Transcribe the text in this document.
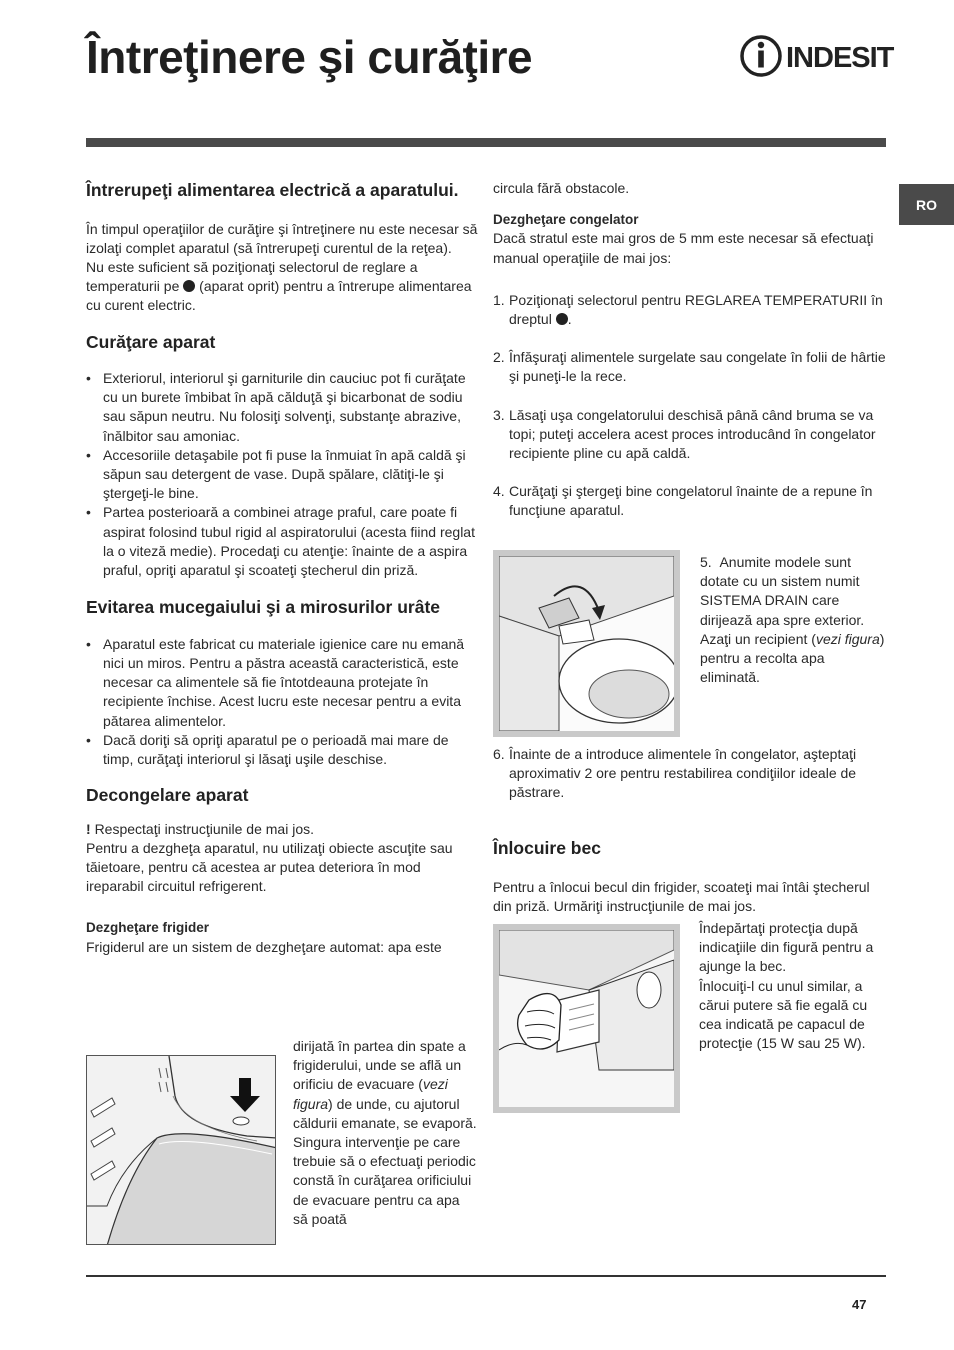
Întreţinere şi curăţire	INDESIT
RO
Întrerupeţi alimentarea electrică a aparatului.

În timpul operaţiilor de curăţire şi întreţinere nu este necesar să izolaţi complet aparatul (să întrerupeţi curentul de la reţea).

Nu este suficient să poziţionaţi selectorul de reglare a temperaturii pe (aparat oprit) pentru a întrerupe alimentarea cu curent electric.

Curăţare aparat
• Exteriorul, interiorul şi garniturile din cauciuc pot fi curăţate cu un burete îmbibat în apă călduţă şi bicarbonat de sodiu sau săpun neutru. Nu folosiţi solvenţi, substanţe abrazive, înălbitor sau amoniac.
• Accesoriile detaşabile pot fi puse la înmuiat în apă caldă şi săpun sau detergent de vase. După spălare, clătiţi-le şi ştergeţi-le bine.
• Partea posterioară a combinei atrage praful, care poate fi aspirat folosind tubul rigid al aspiratorului (acesta fiind reglat la o viteză medie). Procedaţi cu atenţie: înainte de a aspira praful, opriţi aparatul şi scoateţi ştecherul din priză.
Evitarea mucegaiului şi a mirosurilor urâte
• Aparatul este fabricat cu materiale igienice care nu emană nici un miros. Pentru a păstra această caracteristică, este necesar ca alimentele să fie întotdeauna protejate în recipiente închise. Acest lucru este necesar pentru a evita pătarea alimentelor.
• Dacă doriţi să opriţi aparatul pe o perioadă mai mare de timp, curăţaţi interiorul şi lăsaţi uşile deschise.
Decongelare aparat

! Respectaţi instrucţiunile de mai jos.

Pentru a dezgheţa aparatul, nu utilizaţi obiecte ascuţite sau tăietoare, pentru că acestea ar putea deteriora în mod ireparabil circuitul refrigerent.

Dezgheţare frigider

Frigiderul are un sistem de dezgheţare automat: apa este

dirijată în partea din spate a frigiderului, unde se află un orificiu de evacuare (vezi figura) de unde, cu ajutorul căldurii emanate, se evaporă. Singura intervenţie pe care trebuie să o efectuaţi periodic constă în curăţarea orificiului de evacuare pentru ca apa să poată

circula fără obstacole.

Dezgheţare congelator

Dacă stratul este mai gros de 5 mm este necesar să efectuaţi manual operaţiile de mai jos:

1. Poziţionaţi selectorul pentru REGLAREA TEMPERATURII în dreptul .
2. Înfăşuraţi alimentele surgelate sau congelate în folii de hârtie şi puneţi-le la rece.
3. Lăsaţi uşa congelatorului deschisă până când bruma se va topi; puteţi accelera acest proces introducând în congelator recipiente pline cu apă caldă.
4. Curăţaţi şi ştergeţi bine congelatorul înainte de a repune în funcţiune aparatul.
5. Anumite modele sunt dotate cu un sistem numit SISTEMA DRAIN care dirijează apa spre exterior. Azaţi un recipient (vezi figura) pentru a recolta apa eliminată.
6. Înainte de a introduce alimentele în congelator, aşteptaţi aproximativ 2 ore pentru restabilirea condiţiilor ideale de păstrare.
Înlocuire bec

Pentru a înlocui becul din frigider, scoateţi mai întâi ştecherul din priză. Urmăriţi instrucţiunile de mai jos.

Îndepărtaţi protecţia după indicaţiile din figură pentru a ajunge la bec.

Înlocuiţi-l cu unul similar, a cărui putere să fie egală cu cea indicată pe capacul de protecţie (15 W sau 25 W).

47
